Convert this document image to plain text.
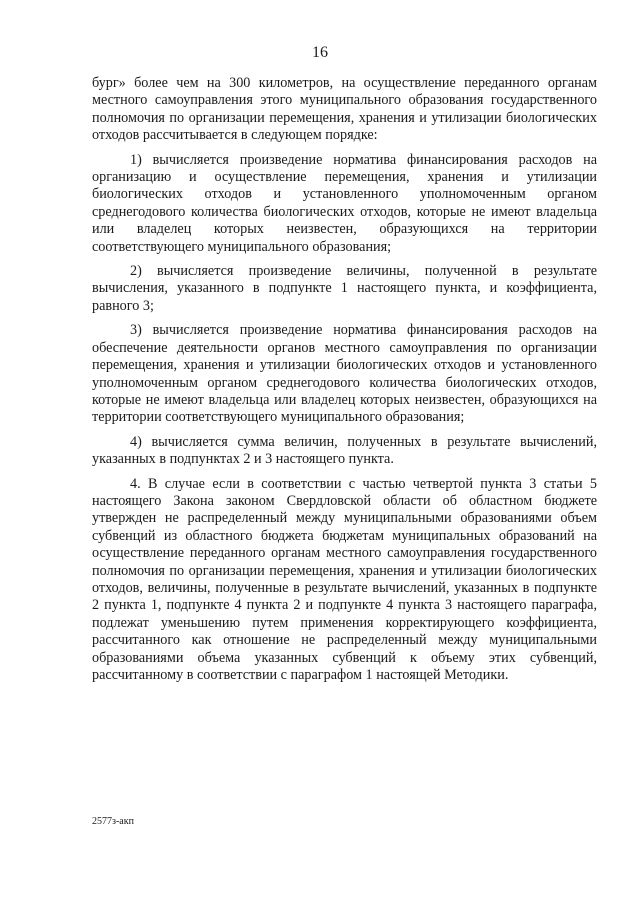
16

бург» более чем на 300 километров, на осуществление переданного органам местного самоуправления этого муниципального образования государственного полномочия по организации перемещения, хранения и утилизации биологических отходов рассчитывается в следующем порядке:

1) вычисляется произведение норматива финансирования расходов на организацию и осуществление перемещения, хранения и утилизации биологических отходов и установленного уполномоченным органом среднегодового количества биологических отходов, которые не имеют владельца или владелец которых неизвестен, образующихся на территории соответствующего муниципального образования;

2) вычисляется произведение величины, полученной в результате вычисления, указанного в подпункте 1 настоящего пункта, и коэффициента, равного 3;

3) вычисляется произведение норматива финансирования расходов на обеспечение деятельности органов местного самоуправления по организации перемещения, хранения и утилизации биологических отходов и установленного уполномоченным органом среднегодового количества биологических отходов, которые не имеют владельца или владелец которых неизвестен, образующихся на территории соответствующего муниципального образования;

4) вычисляется сумма величин, полученных в результате вычислений, указанных в подпунктах 2 и 3 настоящего пункта.

4. В случае если в соответствии с частью четвертой пункта 3 статьи 5 настоящего Закона законом Свердловской области об областном бюджете утвержден не распределенный между муниципальными образованиями объем субвенций из областного бюджета бюджетам муниципальных образований на осуществление переданного органам местного самоуправления государственного полномочия по организации перемещения, хранения и утилизации биологических отходов, величины, полученные в результате вычислений, указанных в подпункте 2 пункта 1, подпункте 4 пункта 2 и подпункте 4 пункта 3 настоящего параграфа, подлежат уменьшению путем применения корректирующего коэффициента, рассчитанного как отношение не распределенный между муниципальными образованиями объема указанных субвенций к объему этих субвенций, рассчитанному в соответствии с параграфом 1 настоящей Методики.

2577з-акп
